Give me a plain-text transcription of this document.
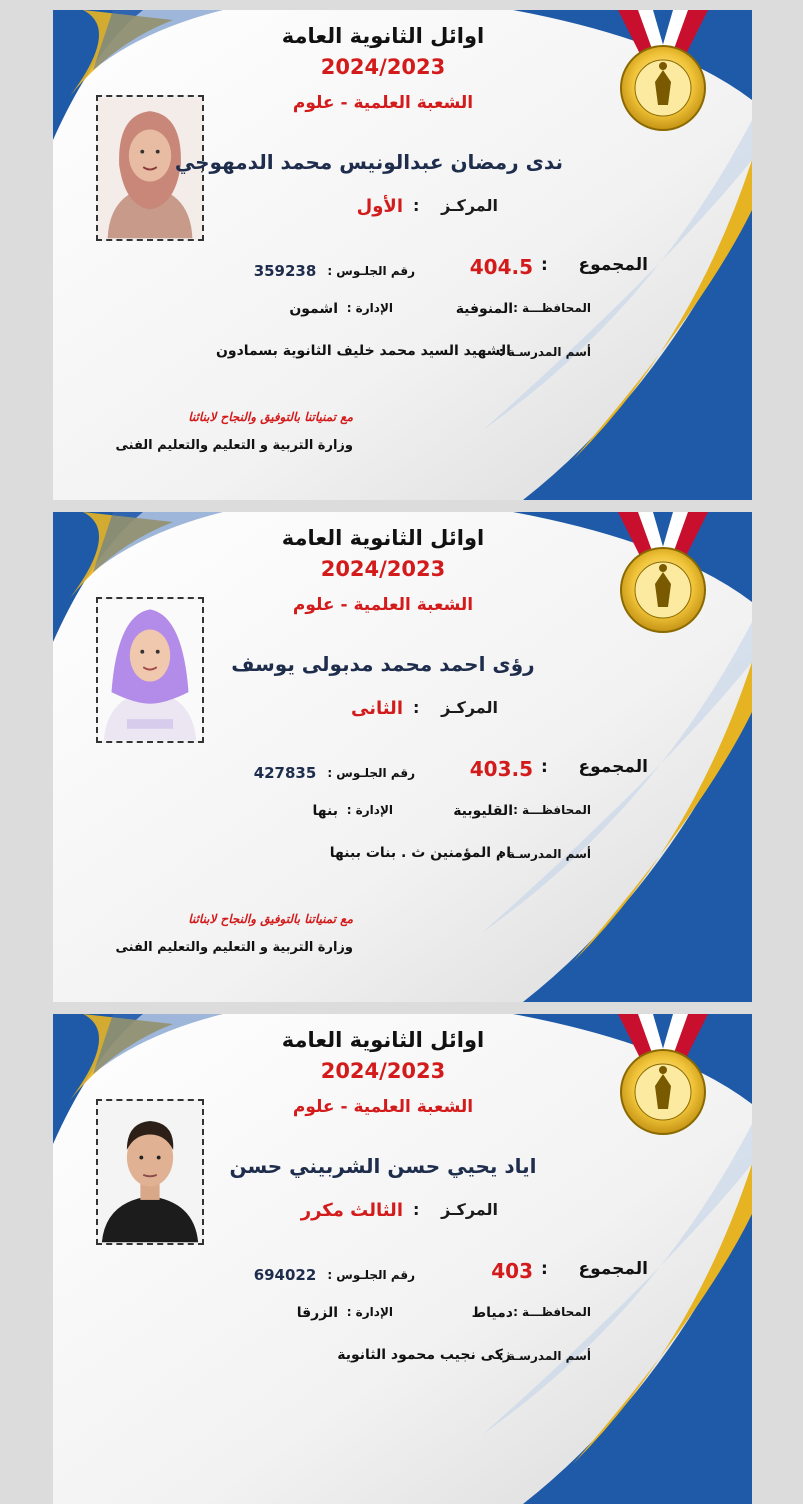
اوائل الثانوية العامة
2024/2023
الشعبة العلمية - علوم
ندى رمضان عبدالونيس محمد الدمهوجي
المركـز
:
الأول
المجموع
:
404.5
رقم الجلـوس :
359238
المحافظـــة :
المنوفية
الإدارة :
اشمون
أسم المدرسـة :
الشهيد السيد محمد خليف الثانوية بسمادون
مع تمنياتنا بالتوفيق والنجاح لابنائنا
وزارة التربية و التعليم والتعليم الفنى
اوائل الثانوية العامة
2024/2023
الشعبة العلمية - علوم
رؤى احمد محمد مدبولى يوسف
المركـز
:
الثانى
المجموع
:
403.5
رقم الجلـوس :
427835
المحافظـــة :
القليوبية
الإدارة :
بنها
أسم المدرسـة :
ام المؤمنين ث . بنات ببنها
مع تمنياتنا بالتوفيق والنجاح لابنائنا
وزارة التربية و التعليم والتعليم الفنى
اوائل الثانوية العامة
2024/2023
الشعبة العلمية - علوم
اياد يحيي حسن الشربيني حسن
المركـز
:
الثالث مكرر
المجموع
:
403
رقم الجلـوس :
694022
المحافظـــة :
دمياط
الإدارة :
الزرقا
أسم المدرسـة :
زكى نجيب محمود الثانوية
